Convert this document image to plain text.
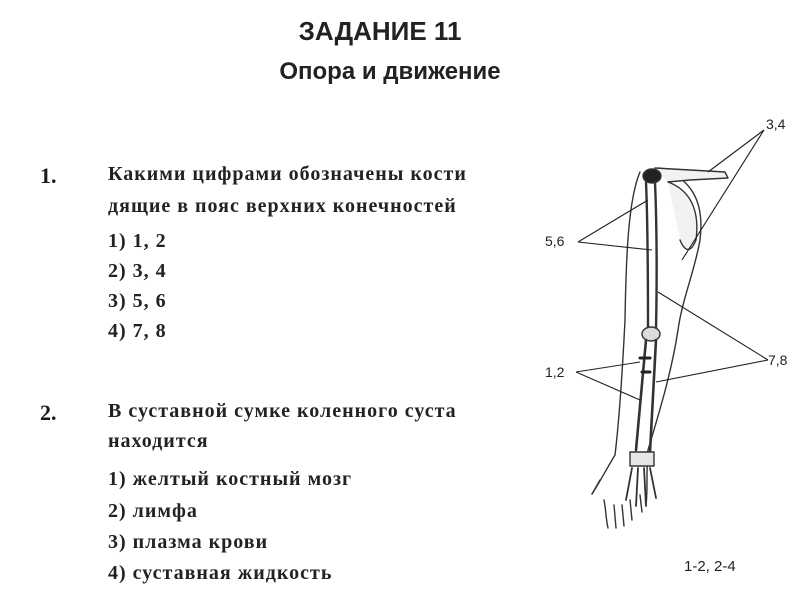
ЗАДАНИЕ 11
Опора и движение
1.	Какими цифрами обозначены кости
дящие в пояс верхних конечностей
1) 1, 2
2) 3, 4
3) 5, 6
4) 7, 8
2.	В суставной сумке коленного суста
находится
1) желтый костный мозг
2) лимфа
3) плазма крови
4) суставная жидкость
3,4
5,6
1,2
7,8
1-2, 2-4
